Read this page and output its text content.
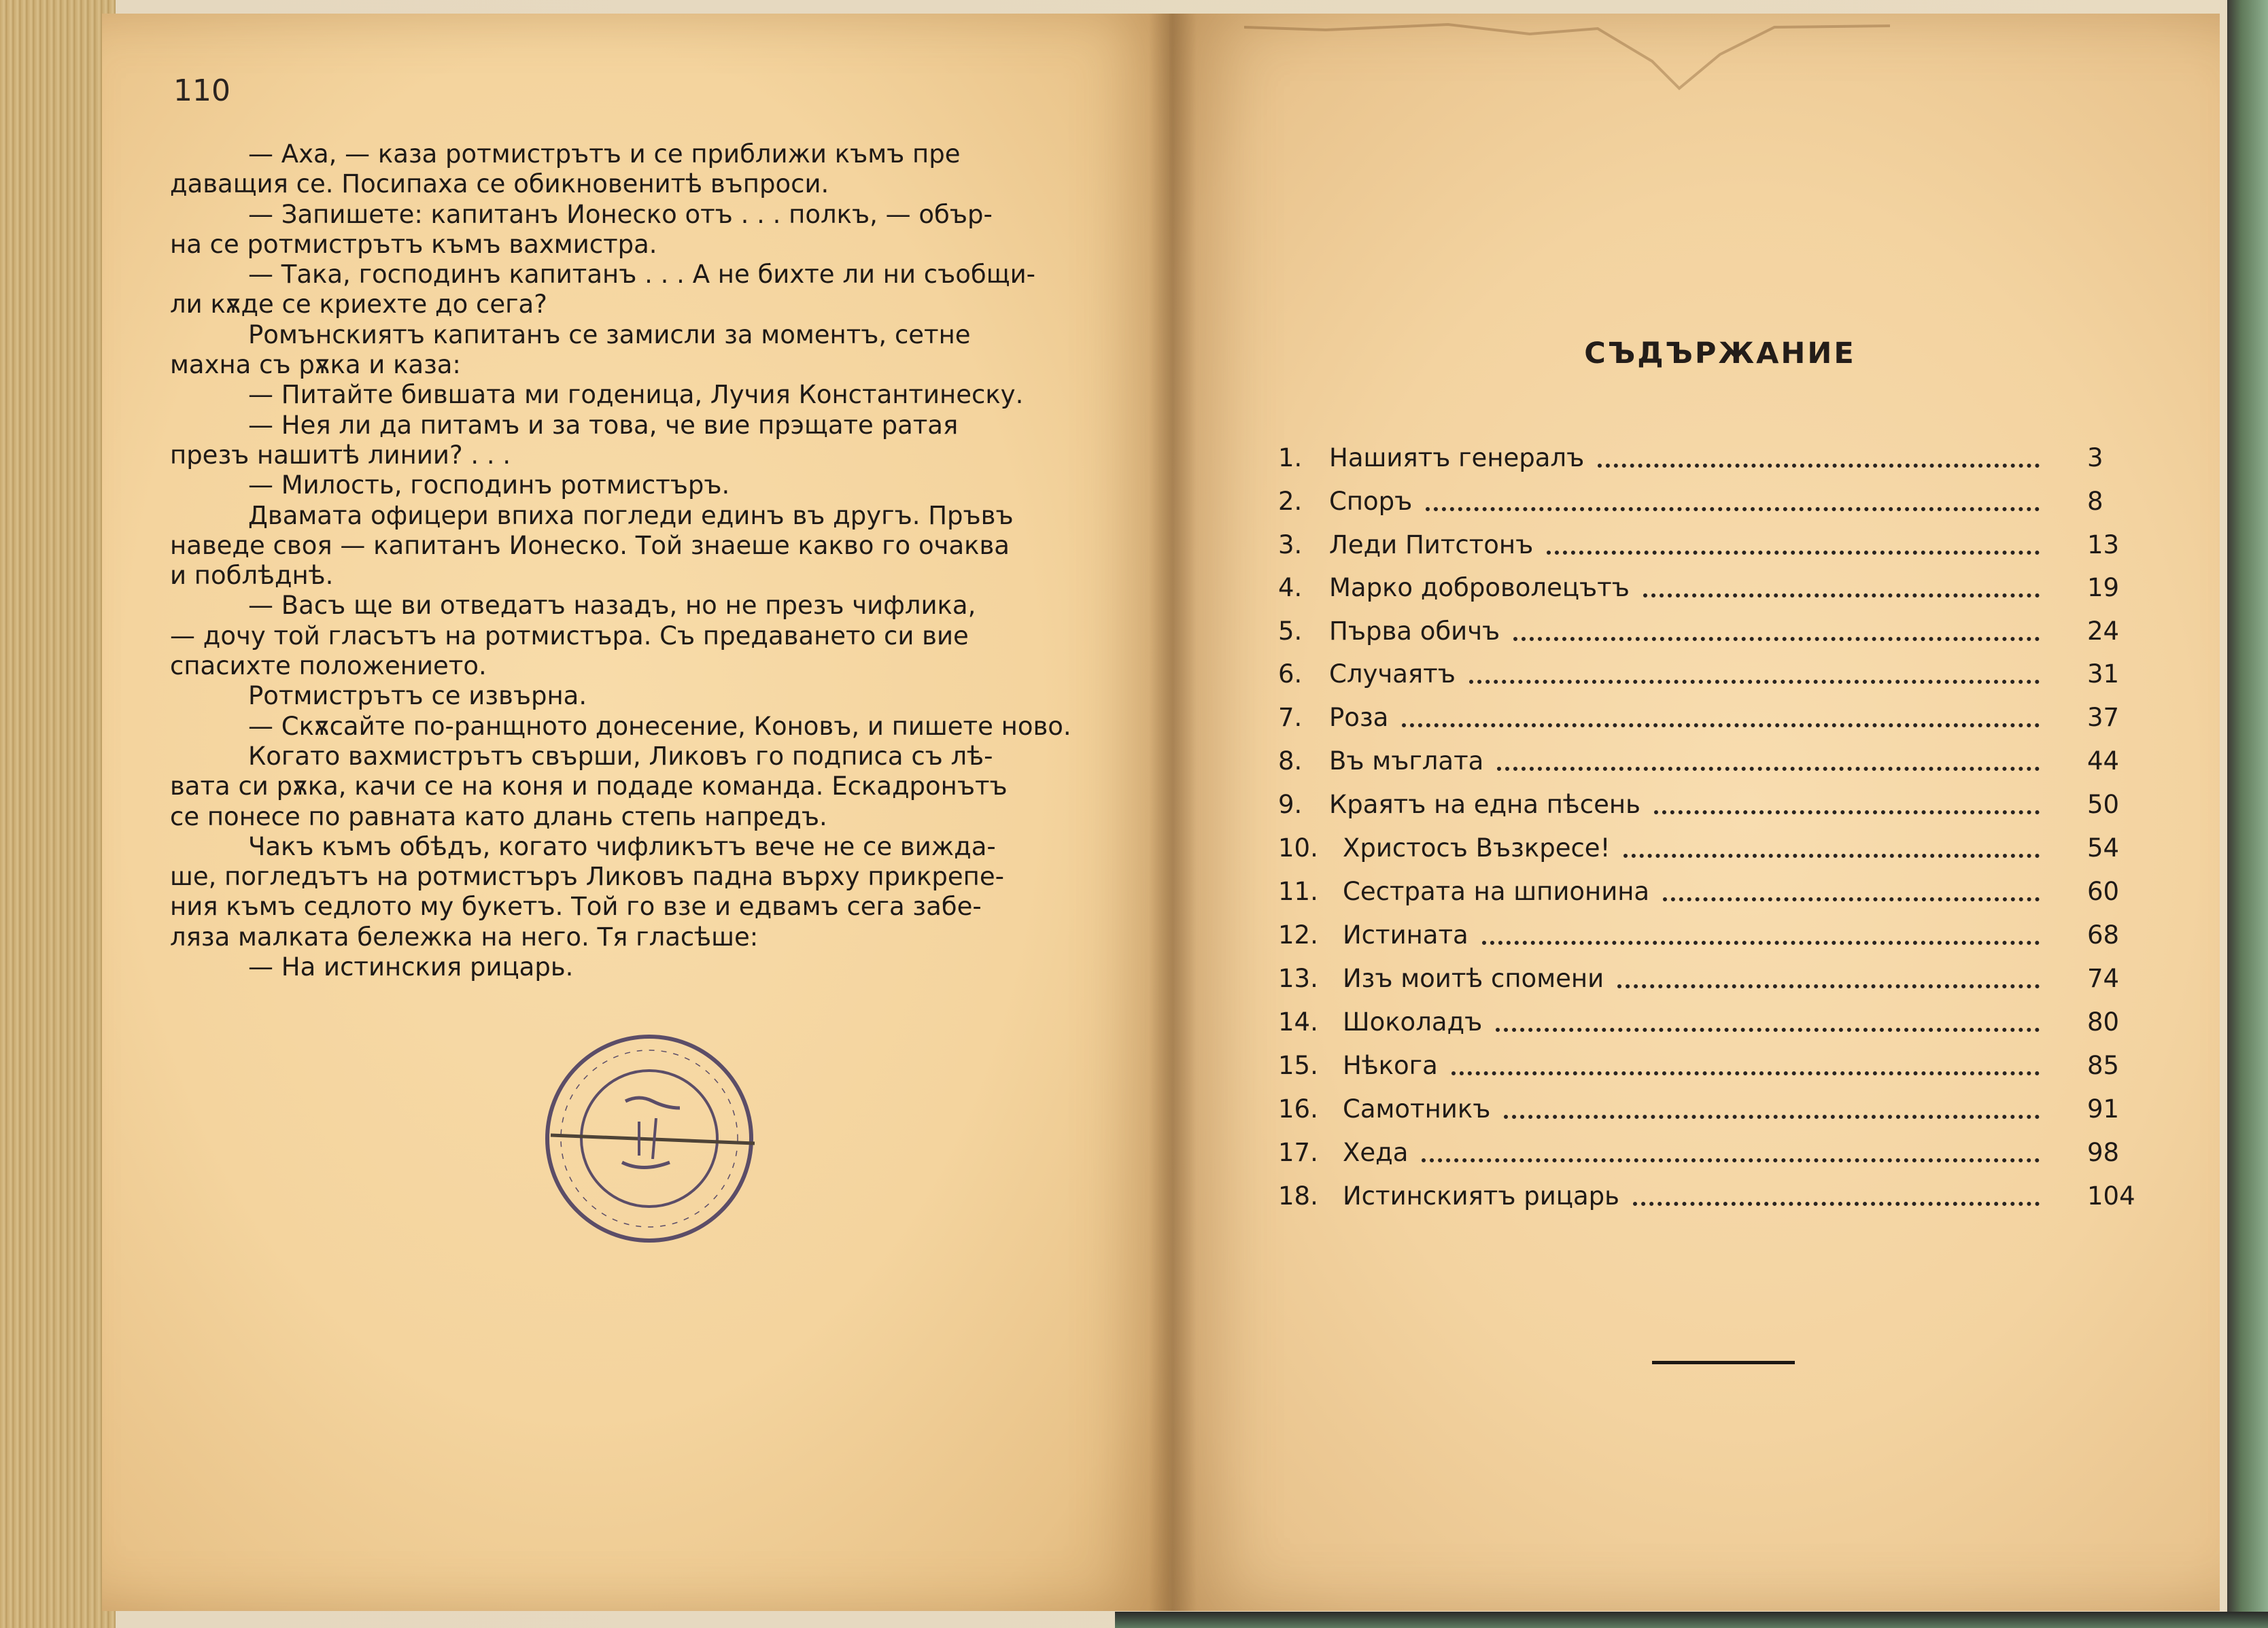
110
— Аха, — каза ротмистрътъ и се приближи къмъ пре
даващия се. Посипаха се обикновенитѣ въпроси.
— Запишете: капитанъ Ионеско отъ . . . полкъ, — обър-
на се ротмистрътъ къмъ вахмистра.
— Така, господинъ капитанъ . . . А не бихте ли ни съобщи-
ли кѫде се криехте до сега?
Ромънскиятъ капитанъ се замисли за моментъ, сетне
махна съ рѫка и каза:
— Питайте бившата ми годеница, Лучия Константинеску.
— Нея ли да питамъ и за това, че вие прэщате ратая
презъ нашитѣ линии? . . .
— Милость, господинъ ротмистъръ.
Двамата офицери впиха погледи единъ въ другъ. Пръвъ
наведе своя — капитанъ Ионеско. Той знаеше какво го очаква
и поблѣднѣ.
— Васъ ще ви отведатъ назадъ, но не презъ чифлика,
— дочу той гласътъ на ротмистъра. Съ предаването си вие
спасихте положението.
Ротмистрътъ се извърна.
— Скѫсайте по-ранщното донесение, Коновъ, и пишете ново.
Когато вахмистрътъ свърши, Ликовъ го подписа съ лѣ-
вата си рѫка, качи се на коня и подаде команда. Ескадронътъ
се понесе по равната като длань степь напредъ.
Чакъ къмъ обѣдъ, когато чифликътъ вече не се вижда-
ше, погледътъ на ротмистъръ Ликовъ падна върху прикрепе-
ния къмъ седлото му букетъ. Той го взе и едвамъ сега забе-
ляза малката бележка на него. Тя гласѣше:
— На истинския рицарь.
СЪДЪРЖАНИЕ
1.	Нашиятъ генералъ	3
2.	Споръ	8
3.	Леди Питстонъ	13
4.	Марко доброволецътъ	19
5.	Първа обичъ	24
6.	Случаятъ	31
7.	Роза	37
8.	Въ мъглата	44
9.	Краятъ на една пѣсень	50
10. Христосъ Възкресе!	54
11. Сестрата на шпионина	60
12. Истината	68
13. Изъ моитѣ спомени	74
14. Шоколадъ	80
15. Нѣкога	85
16. Самотникъ	91
17. Хеда	98
18. Истинскиятъ рицарь	104
